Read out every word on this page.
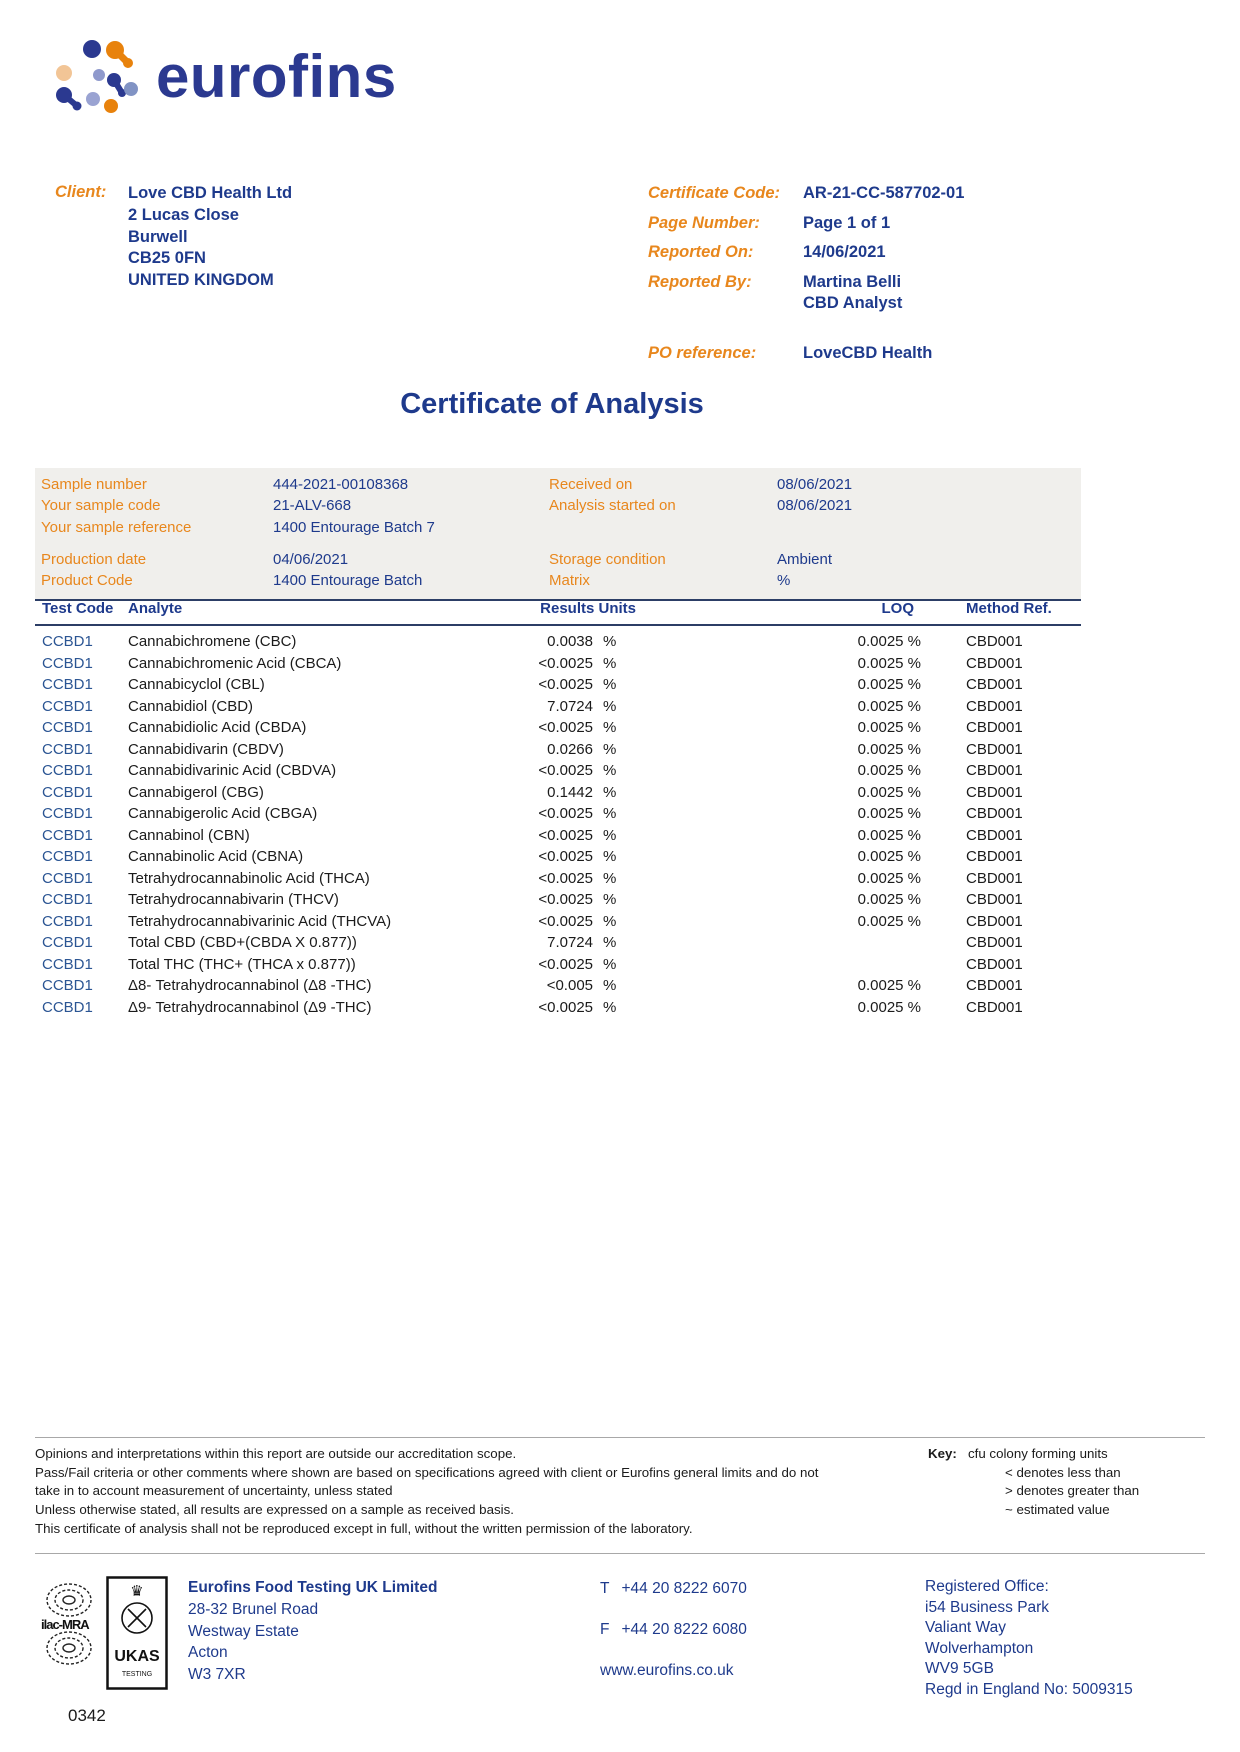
eurofins
Client:	Love CBD Health Ltd
2 Lucas Close
Burwell
CB25 0FN
UNITED KINGDOM
Certificate Code:	AR-21-CC-587702-01
Page Number:	Page 1 of 1
Reported On:	14/06/2021
Reported By:	Martina Belli
CBD Analyst
PO reference:	LoveCBD Health
Certificate of Analysis
Sample number	444-2021-00108368	Received on	08/06/2021
Your sample code	21-ALV-668	Analysis started on	08/06/2021
Your sample reference	1400 Entourage Batch 7
Production date	04/06/2021	Storage condition	Ambient
Product Code	1400 Entourage Batch	Matrix	%
Test Code	Analyte	Results Units		LOQ	Method Ref.
CCBD1	Cannabichromene (CBC)	0.0038	%	0.0025 %	CBD001
CCBD1	Cannabichromenic Acid (CBCA)	<0.0025	%	0.0025 %	CBD001
CCBD1	Cannabicyclol (CBL)	<0.0025	%	0.0025 %	CBD001
CCBD1	Cannabidiol (CBD)	7.0724	%	0.0025 %	CBD001
CCBD1	Cannabidiolic Acid (CBDA)	<0.0025	%	0.0025 %	CBD001
CCBD1	Cannabidivarin (CBDV)	0.0266	%	0.0025 %	CBD001
CCBD1	Cannabidivarinic Acid (CBDVA)	<0.0025	%	0.0025 %	CBD001
CCBD1	Cannabigerol (CBG)	0.1442	%	0.0025 %	CBD001
CCBD1	Cannabigerolic Acid (CBGA)	<0.0025	%	0.0025 %	CBD001
CCBD1	Cannabinol (CBN)	<0.0025	%	0.0025 %	CBD001
CCBD1	Cannabinolic Acid (CBNA)	<0.0025	%	0.0025 %	CBD001
CCBD1	Tetrahydrocannabinolic Acid (THCA)	<0.0025	%	0.0025 %	CBD001
CCBD1	Tetrahydrocannabivarin (THCV)	<0.0025	%	0.0025 %	CBD001
CCBD1	Tetrahydrocannabivarinic Acid (THCVA)	<0.0025	%	0.0025 %	CBD001
CCBD1	Total CBD (CBD+(CBDA X 0.877))	7.0724	%		CBD001
CCBD1	Total THC (THC+ (THCA x 0.877))	<0.0025	%		CBD001
CCBD1	Δ8- Tetrahydrocannabinol (Δ8 -THC)	<0.005	%	0.0025 %	CBD001
CCBD1	Δ9- Tetrahydrocannabinol (Δ9 -THC)	<0.0025	%	0.0025 %	CBD001
Opinions and interpretations within this report are outside our accreditation scope.
Pass/Fail criteria or other comments where shown are based on specifications agreed with client or Eurofins general limits and do not
take in to account measurement of uncertainty, unless stated
Unless otherwise stated, all results are expressed on a sample as received basis.
This certificate of analysis shall not be reproduced except in full, without the written permission of the laboratory.
Key: cfu colony forming units
< denotes less than
> denotes greater than
~ estimated value
ilac-MRA
♛
UKAS
TESTING
0342
Eurofins Food Testing UK Limited
28-32 Brunel Road
Westway Estate
Acton
W3 7XR
T +44 20 8222 6070
F +44 20 8222 6080
www.eurofins.co.uk
Registered Office:
i54 Business Park
Valiant Way
Wolverhampton
WV9 5GB
Regd in England No: 5009315
